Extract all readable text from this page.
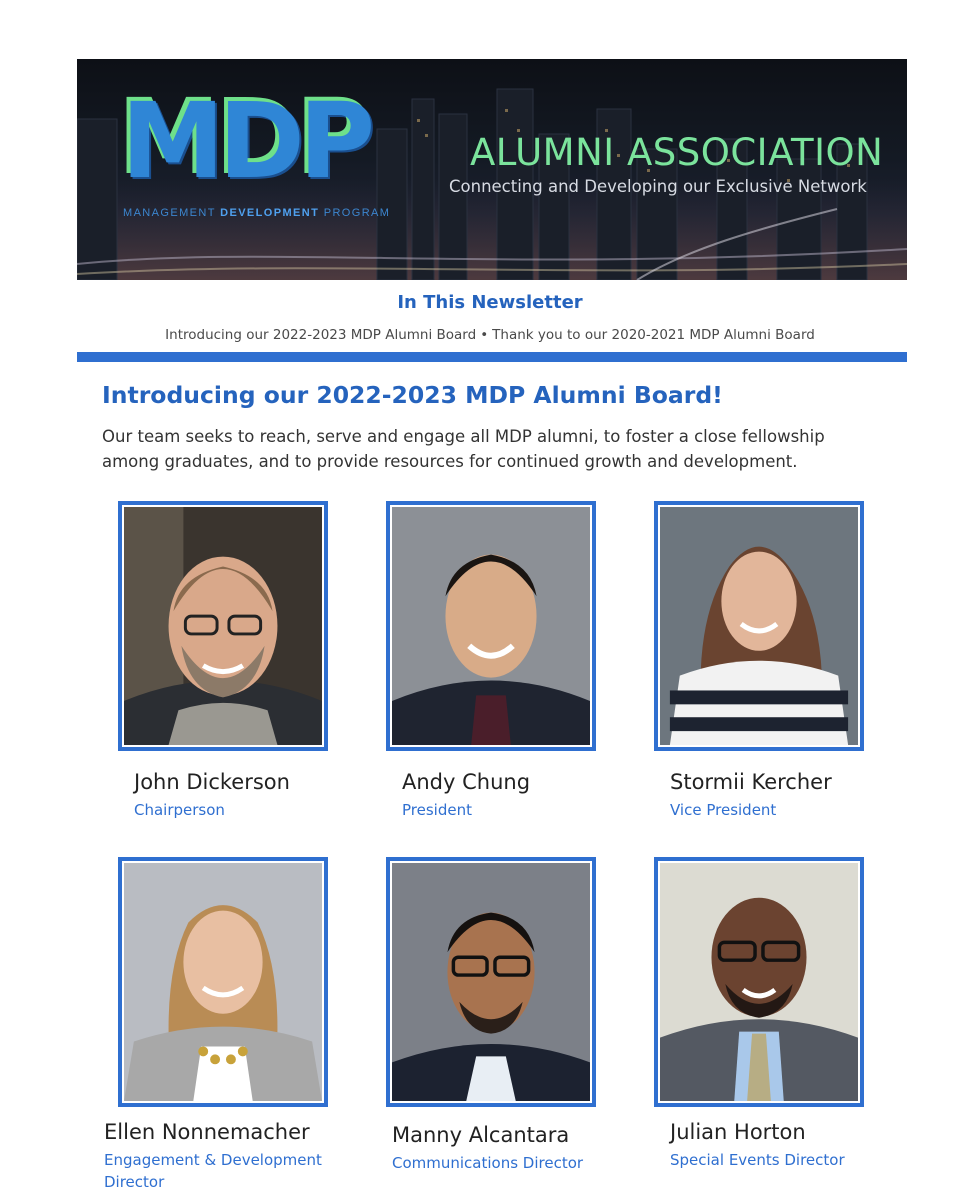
MDP
MANAGEMENT DEVELOPMENT PROGRAM
ALUMNI ASSOCIATION
Connecting and Developing our Exclusive Network
In This Newsletter
Introducing our 2022-2023 MDP Alumni Board • Thank you to our 2020-2021 MDP Alumni Board
Introducing our 2022-2023 MDP Alumni Board!
Our team seeks to reach, serve and engage all MDP alumni, to foster a close fellowship among graduates, and to provide resources for continued growth and development.
John Dickerson
Chairperson
Andy Chung
President
Stormii Kercher
Vice President
Ellen Nonnemacher
Engagement & Development Director
Manny Alcantara
Communications Director
Julian Horton
Special Events Director
